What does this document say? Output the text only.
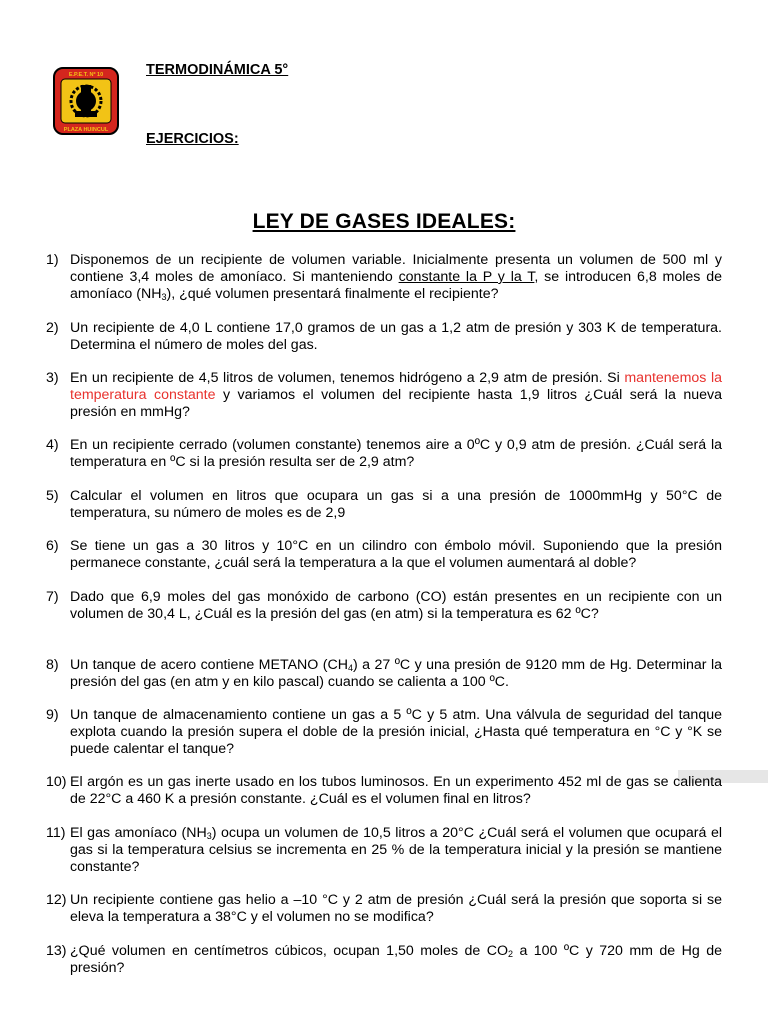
E.P.E.T. Nº 10
PLAZA HUINCUL
TERMODINÁMICA 5°
EJERCICIOS:
LEY DE GASES IDEALES:
1) Disponemos de un recipiente de volumen variable. Inicialmente presenta un volumen de 500 ml y contiene 3,4 moles de amoníaco. Si manteniendo constante la P y la T, se introducen 6,8 moles de amoníaco $(NH_3)$, ¿qué volumen presentará finalmente el recipiente?
2) Un recipiente de 4,0 L contiene 17,0 gramos de un gas a 1,2 atm de presión y 303 K de temperatura. Determina el número de moles del gas.
3) En un recipiente de 4,5 litros de volumen, tenemos hidrógeno a 2,9 atm de presión. Si mantenemos la temperatura constante y variamos el volumen del recipiente hasta 1,9 litros ¿Cuál será la nueva presión en mmHg?
4) En un recipiente cerrado (volumen constante) tenemos aire a 0ºC y 0,9 atm de presión. ¿Cuál será la temperatura en ºC si la presión resulta ser de 2,9 atm?
5) Calcular el volumen en litros que ocupara un gas si a una presión de 1000mmHg y 50°C de temperatura, su número de moles es de 2,9
6) Se tiene un gas a 30 litros y 10°C en un cilindro con émbolo móvil. Suponiendo que la presión permanece constante, ¿cuál será la temperatura a la que el volumen aumentará al doble?
7) Dado que 6,9 moles del gas monóxido de carbono (CO) están presentes en un recipiente con un volumen de 30,4 L, ¿Cuál es la presión del gas (en atm) si la temperatura es 62 ºC?
8) Un tanque de acero contiene METANO $(CH_4)$ a 27 ºC y una presión de 9120 mm de Hg. Determinar la presión del gas (en atm y en kilo pascal) cuando se calienta a 100 ºC.
9) Un tanque de almacenamiento contiene un gas a 5 ºC y 5 atm. Una válvula de seguridad del tanque explota cuando la presión supera el doble de la presión inicial, ¿Hasta qué temperatura en °C y °K se puede calentar el tanque?
10) El argón es un gas inerte usado en los tubos luminosos. En un experimento 452 ml de gas se calienta de 22°C a 460 K a presión constante. ¿Cuál es el volumen final en litros?
11) El gas amoníaco $(NH_3)$ ocupa un volumen de 10,5 litros a 20°C ¿Cuál será el volumen que ocupará el gas si la temperatura celsius se incrementa en 25 % de la temperatura inicial y la presión se mantiene constante?
12) Un recipiente contiene gas helio a –10 °C y 2 atm de presión ¿Cuál será la presión que soporta si se eleva la temperatura a 38°C y el volumen no se modifica?
13) ¿Qué volumen en centímetros cúbicos, ocupan 1,50 moles de $CO_2$ a 100 ºC y 720 mm de Hg de presión?
